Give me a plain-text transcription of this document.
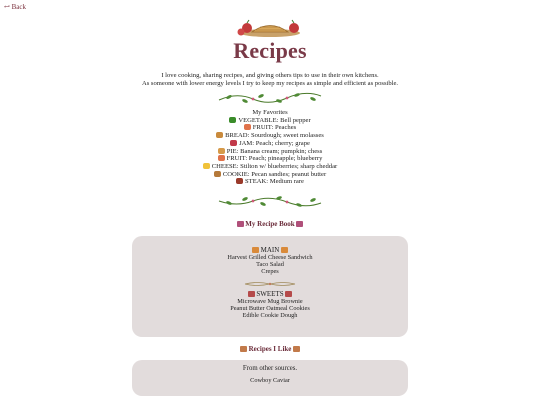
↩ Back
Recipes
I love cooking, sharing recipes, and giving others tips to use in their own kitchens.
As someone with lower energy levels I try to keep my recipes as simple and efficient as possible.
My Favorites
VEGETABLE: Bell pepper
FRUIT: Peaches
BREAD: Sourdough; sweet molasses
JAM: Peach; cherry; grape
PIE: Banana cream; pumpkin; chess
FRUIT: Peach; pineapple; blueberry
CHEESE: Stilton w/ blueberries; sharp cheddar
COOKIE: Pecan sandies; peanut butter
STEAK: Medium rare
My Recipe Book
MAIN
Harvest Grilled Cheese Sandwich
Taco Salad
Crepes
SWEETS
Microwave Mug Brownie
Peanut Butter Oatmeal Cookies
Edible Cookie Dough
Recipes I Like
From other sources.
Cowboy Caviar
